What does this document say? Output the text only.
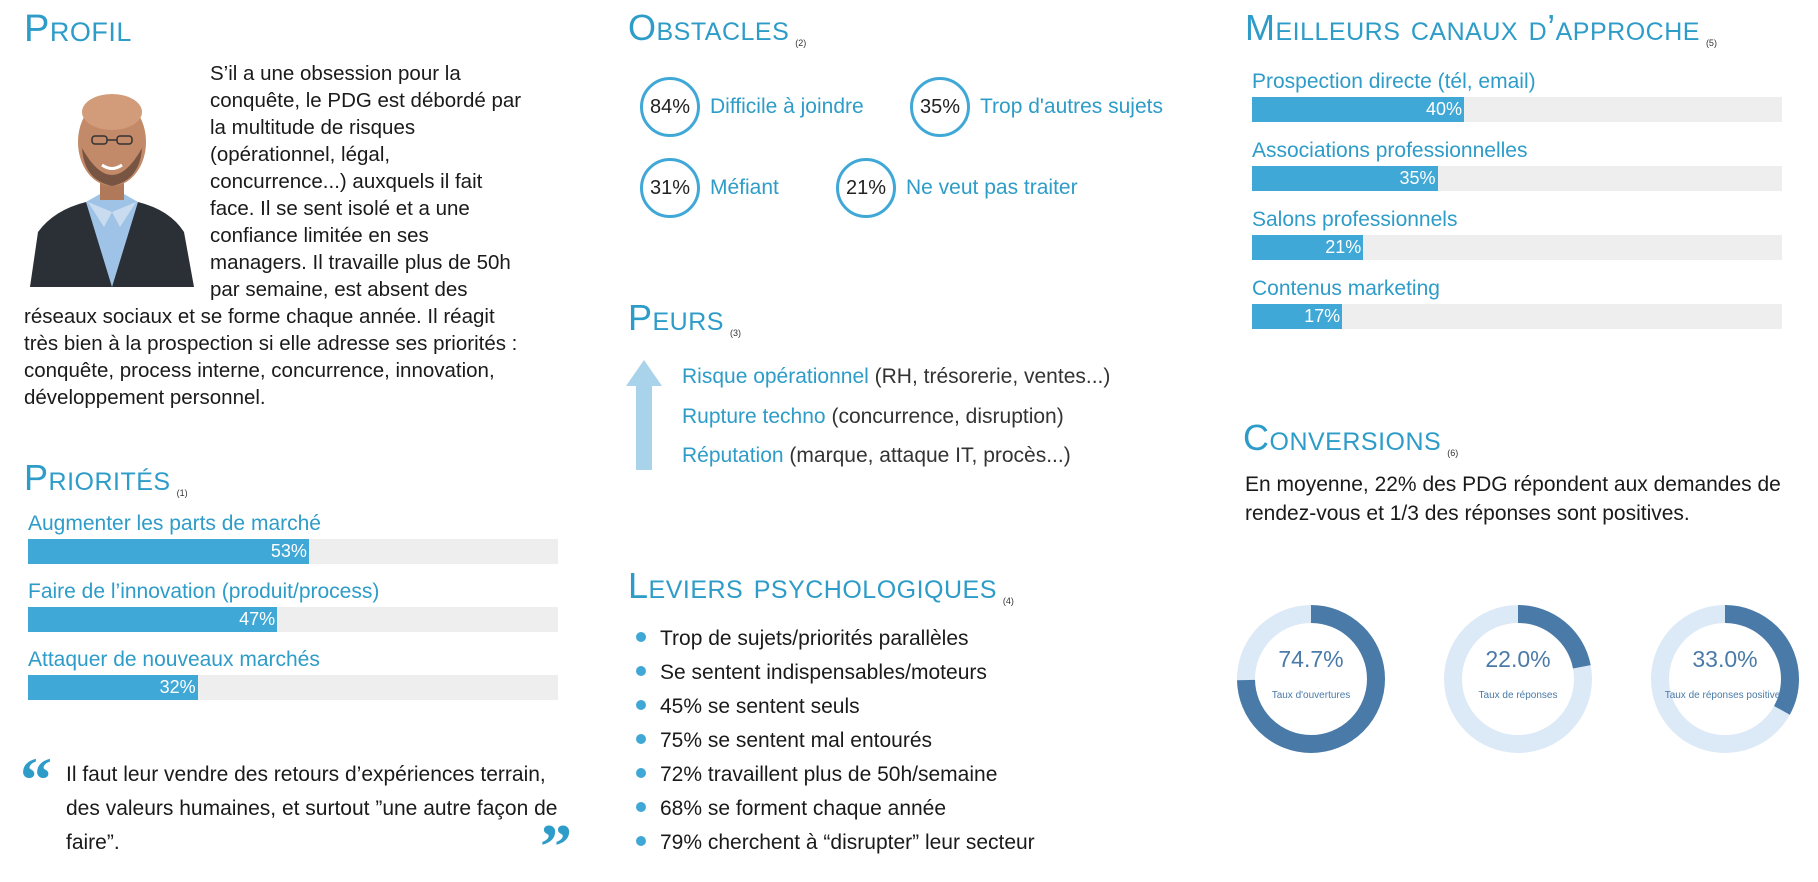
Profil
S’il a une obsession pour la conquête, le PDG est débordé par la multitude de risques (opérationnel, légal, concurrence...) auxquels il fait face. Il se sent isolé et a une confiance limitée en ses managers. Il travaille plus de 50h par semaine, est absent des réseaux sociaux et se forme chaque année. Il réagit très bien à la prospection si elle adresse ses priorités : conquête, process interne, concurrence, innovation, développement personnel.
Priorités (1)
Augmenter les parts de marché
53%
Faire de l’innovation (produit/process)
47%
Attaquer de nouveaux marchés
32%
“ Il faut leur vendre des retours d’expériences terrain, des valeurs humaines, et surtout ”une autre façon de faire”.	”
Obstacles (2)
84% Difficile à joindre	35% Trop d'autres sujets
31% Méfiant	21% Ne veut pas traiter
Peurs (3)
Risque opérationnel (RH, trésorerie, ventes...)
Rupture techno (concurrence, disruption)
Réputation (marque, attaque IT, procès...)
Leviers psychologiques (4)
Trop de sujets/priorités parallèles
Se sentent indispensables/moteurs
45% se sentent seuls
75% se sentent mal entourés
72% travaillent plus de 50h/semaine
68% se forment chaque année
79% cherchent à “disrupter” leur secteur
Meilleurs canaux d’approche (5)
Prospection directe (tél, email)
40%
Associations professionnelles
35%
Salons professionnels
21%
Contenus marketing
17%
Conversions (6)
En moyenne, 22% des PDG répondent aux demandes de rendez-vous et 1/3 des réponses sont positives.
74.7%
Taux d'ouvertures
22.0%
Taux de réponses
33.0%
Taux de réponses positives
